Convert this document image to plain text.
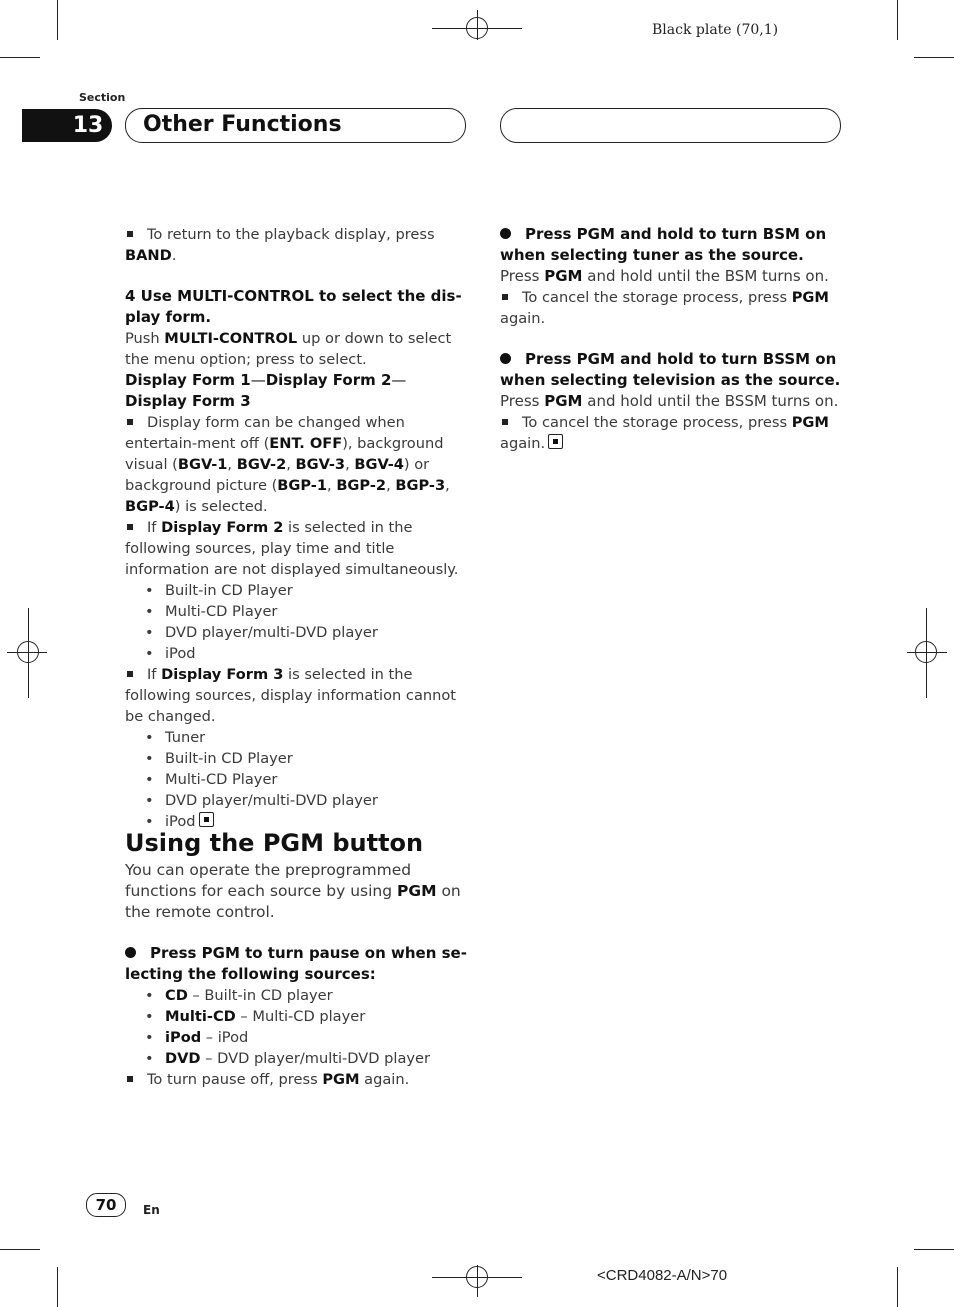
Black plate (70,1)
Section
13	Other Functions

To return to the playback display, press BAND.

4 Use MULTI-CONTROL to select the dis-
play form.

Push MULTI-CONTROL up or down to select the menu option; press to select.

Display Form 1—Display Form 2—
Display Form 3

Display form can be changed when entertain-ment off (ENT. OFF), background visual (BGV-1, BGV-2, BGV-3, BGV-4) or background picture (BGP-1, BGP-2, BGP-3, BGP-4) is selected.

If Display Form 2 is selected in the following sources, play time and title information are not displayed simultaneously.

• Built-in CD Player

• Multi-CD Player

• DVD player/multi-DVD player

• iPod

If Display Form 3 is selected in the following sources, display information cannot be changed.

• Tuner

• Built-in CD Player

• Multi-CD Player

• DVD player/multi-DVD player

• iPod

Using the PGM button

You can operate the preprogrammed functions for each source by using PGM on the remote control.

Press PGM to turn pause on when se-
lecting the following sources:

• CD – Built-in CD player

• Multi-CD – Multi-CD player

• iPod – iPod

• DVD – DVD player/multi-DVD player

To turn pause off, press PGM again.

Press PGM and hold to turn BSM on
when selecting tuner as the source.

Press PGM and hold until the BSM turns on.

To cancel the storage process, press PGM again.

Press PGM and hold to turn BSSM on
when selecting television as the source.

Press PGM and hold until the BSSM turns on.

To cancel the storage process, press PGM again.

70	En
<CRD4082-A/N>70
